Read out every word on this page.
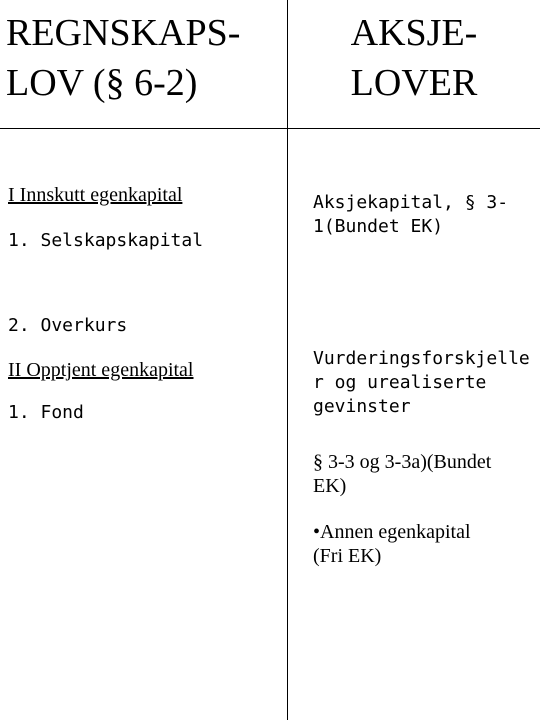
REGNSKAPS-
LOV (§ 6-2)
AKSJE-
LOVER

I Innskutt egenkapital

1. Selskapskapital

2. Overkurs

II Opptjent egenkapital

1. Fond

Aksjekapital, § 3-
1(Bundet EK)
Vurderingsforskjelle
r og urealiserte
gevinster
§ 3-3 og 3-3a)(Bundet
EK)
•Annen egenkapital
(Fri EK)
